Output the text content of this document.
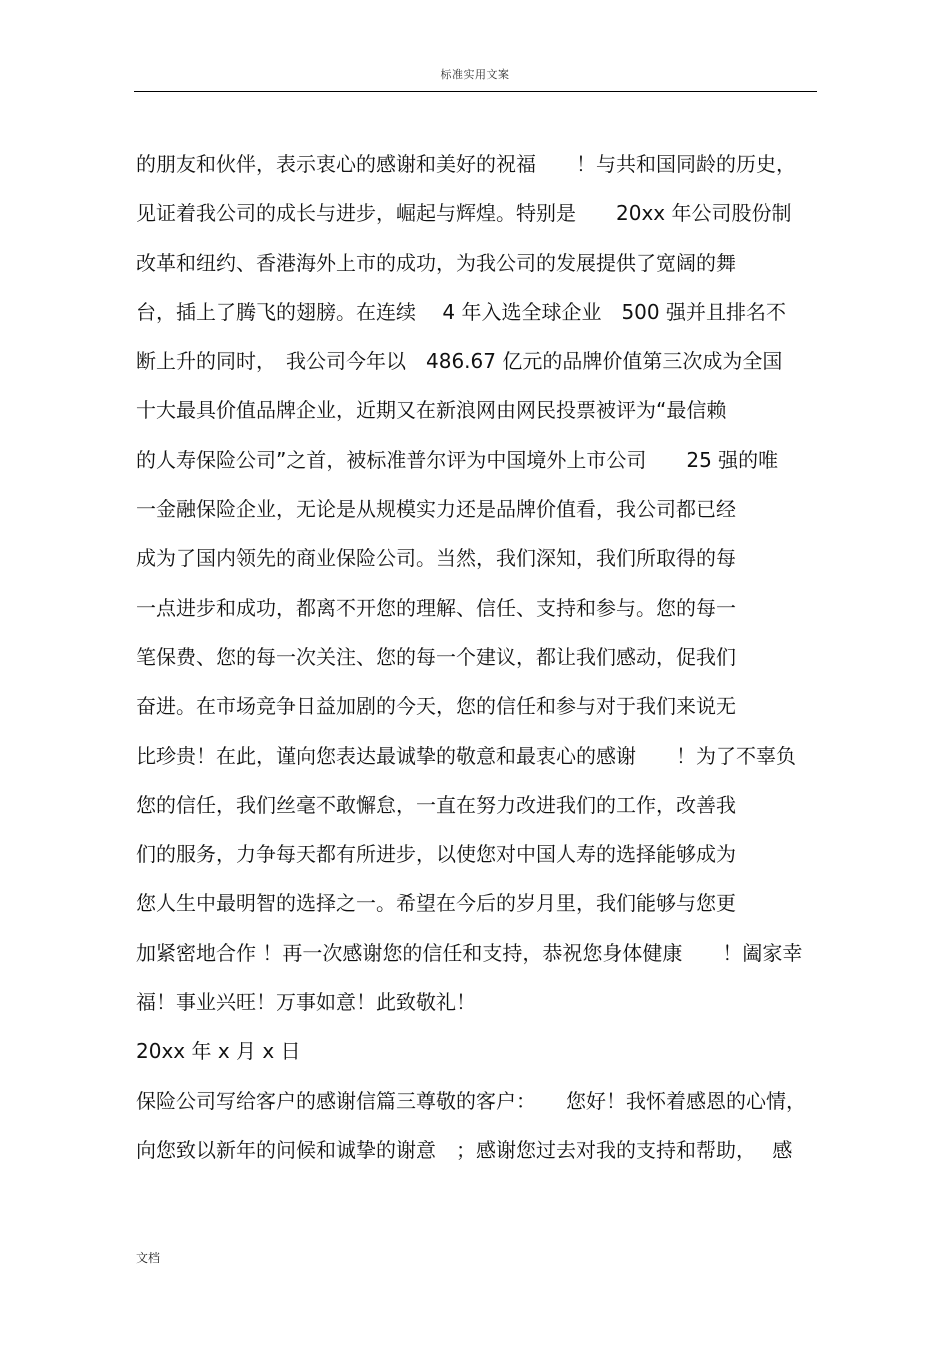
标准实用文案
的朋友和伙伴，表示衷心的感谢和美好的祝福　　！与共和国同龄的历史，
见证着我公司的成长与进步，崛起与辉煌。特别是　　20xx 年公司股份制
改革和纽约、香港海外上市的成功，为我公司的发展提供了宽阔的舞
台，插上了腾飞的翅膀。在连续　 4 年入选全球企业　500 强并且排名不
断上升的同时，　我公司今年以　486.67 亿元的品牌价值第三次成为全国
十大最具价值品牌企业，近期又在新浪网由网民投票被评为“最信赖
的人寿保险公司”之首，被标准普尔评为中国境外上市公司　　25 强的唯
一金融保险企业，无论是从规模实力还是品牌价值看，我公司都已经
成为了国内领先的商业保险公司。当然，我们深知，我们所取得的每
一点进步和成功，都离不开您的理解、信任、支持和参与。您的每一
笔保费、您的每一次关注、您的每一个建议，都让我们感动，促我们
奋进。在市场竞争日益加剧的今天，您的信任和参与对于我们来说无
比珍贵！在此，谨向您表达最诚挚的敬意和最衷心的感谢　　！为了不辜负
您的信任，我们丝毫不敢懈怠，一直在努力改进我们的工作，改善我
们的服务，力争每天都有所进步，以使您对中国人寿的选择能够成为
您人生中最明智的选择之一。希望在今后的岁月里，我们能够与您更
加紧密地合作 ！再一次感谢您的信任和支持，恭祝您身体健康　　！阖家幸
福！事业兴旺！万事如意！此致敬礼！
20xx 年 x 月 x 日
保险公司写给客户的感谢信篇三尊敬的客户：　　您好！我怀着感恩的心情，
向您致以新年的问候和诚挚的谢意　；感谢您过去对我的支持和帮助，　 感
文档
